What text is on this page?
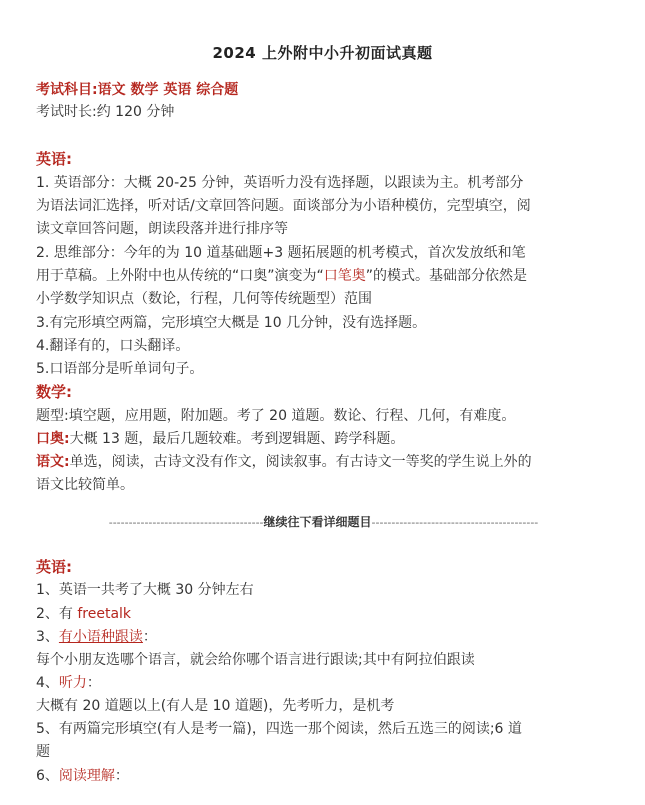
2024 上外附中小升初面试真题
考试科目:语文 数学 英语 综合题
考试时长:约 120 分钟
英语:
1. 英语部分：大概 20-25 分钟，英语听力没有选择题，以跟读为主。机考部分
为语法词汇选择，听对话/文章回答问题。面谈部分为小语种模仿，完型填空，阅
读文章回答问题，朗读段落并进行排序等
2. 思维部分：今年的为 10 道基础题+3 题拓展题的机考模式，首次发放纸和笔
用于草稿。上外附中也从传统的“口奥”演变为“口笔奥”的模式。基础部分依然是
小学数学知识点（数论，行程，几何等传统题型）范围
3.有完形填空两篇，完形填空大概是 10 几分钟，没有选择题。
4.翻译有的，口头翻译。
5.口语部分是听单词句子。
数学:
题型:填空题，应用题，附加题。考了 20 道题。数论、行程、几何，有难度。
口奥:大概 13 题，最后几题较难。考到逻辑题、跨学科题。
语文:单选，阅读，古诗文没有作文，阅读叙事。有古诗文一等奖的学生说上外的
语文比较简单。
---------------------------------------继续往下看详细题目------------------------------------------
英语:
1、英语一共考了大概 30 分钟左右
2、有 freetalk
3、有小语种跟读：
每个小朋友选哪个语言，就会给你哪个语言进行跟读;其中有阿拉伯跟读
4、听力：
大概有 20 道题以上(有人是 10 道题)，先考听力，是机考
5、有两篇完形填空(有人是考一篇)，四选一那个阅读，然后五选三的阅读;6 道
题
6、阅读理解：
